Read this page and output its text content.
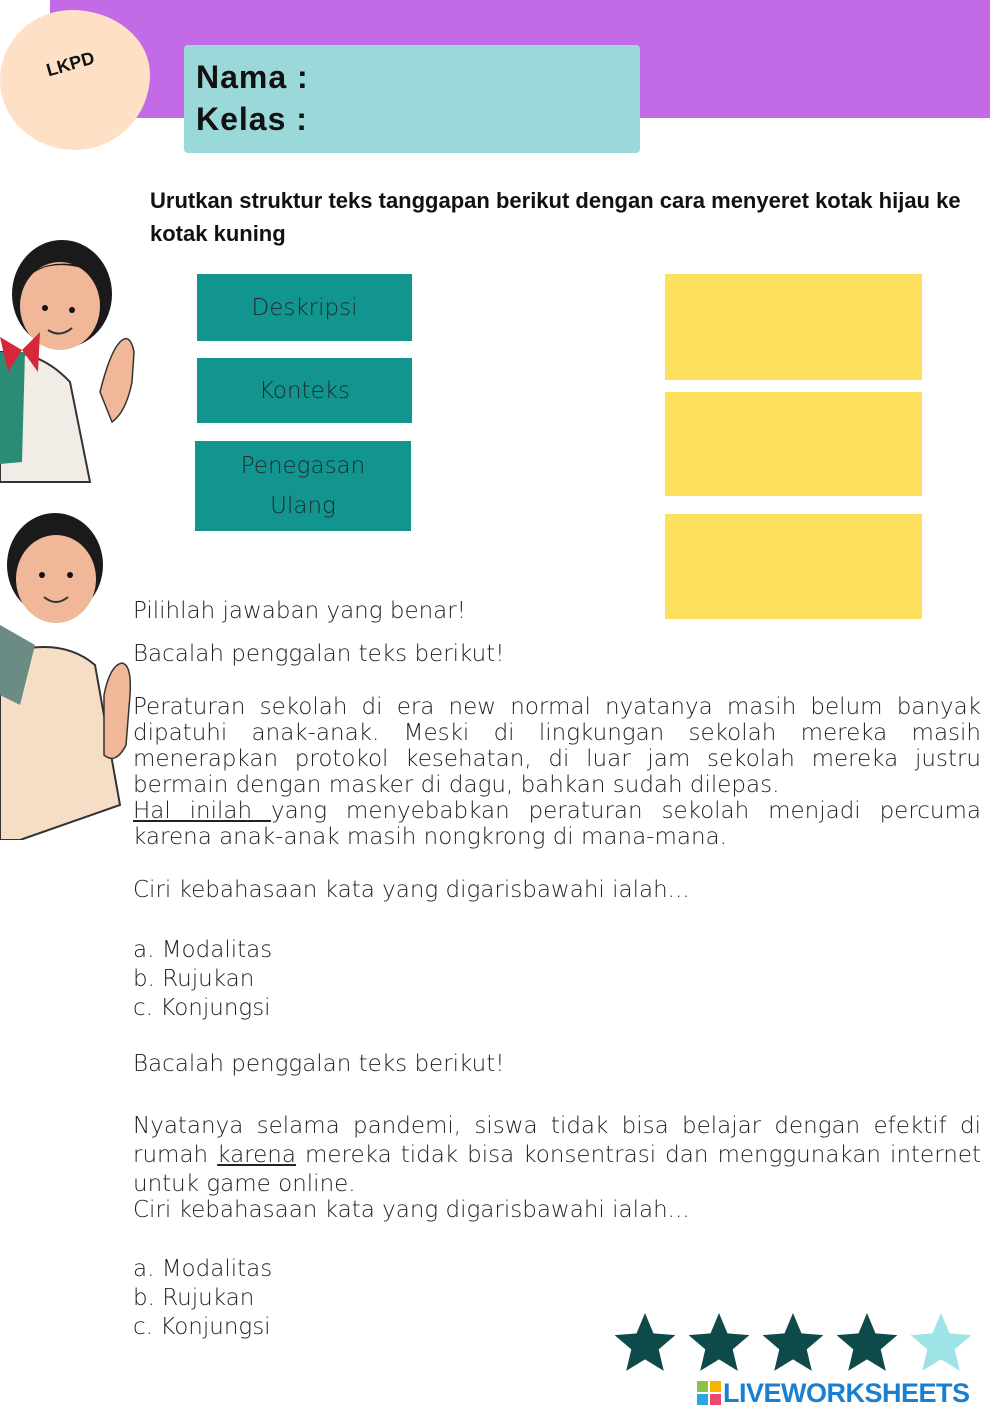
LKPD	Nama :
Kelas :
Urutkan struktur teks tanggapan berikut dengan cara menyeret kotak hijau ke kotak kuning
Deskripsi
Konteks
Penegasan Ulang
Pilihlah jawaban yang benar!
Bacalah penggalan teks berikut!
Peraturan sekolah di era new normal nyatanya masih belum banyak dipatuhi anak-anak. Meski di lingkungan sekolah mereka masih menerapkan protokol kesehatan, di luar jam sekolah mereka justru bermain dengan masker di dagu, bahkan sudah dilepas.
Hal inilah yang menyebabkan peraturan sekolah menjadi percuma karena anak-anak masih nongkrong di mana-mana.
Ciri kebahasaan kata yang digarisbawahi ialah...
a. Modalitas
b. Rujukan
c. Konjungsi
Bacalah penggalan teks berikut!
Nyatanya selama pandemi, siswa tidak bisa belajar dengan efektif di rumah karena mereka tidak bisa konsentrasi dan menggunakan internet untuk game online.
Ciri kebahasaan kata yang digarisbawahi ialah...
a. Modalitas
b. Rujukan
c. Konjungsi
LIVEWORKSHEETS
